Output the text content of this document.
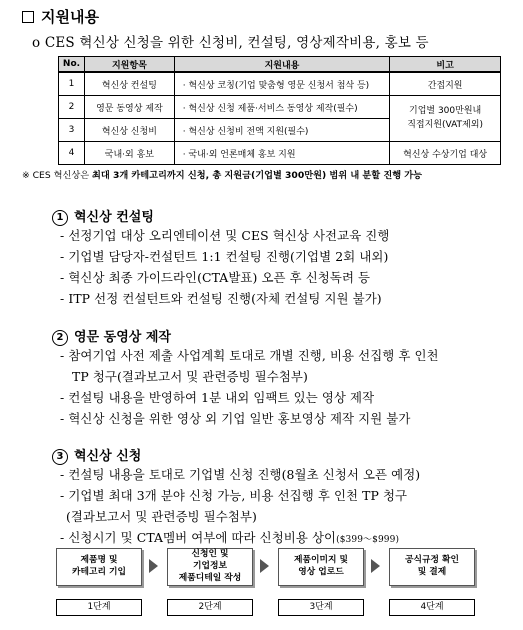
지원내용
o CES 혁신상 신청을 위한 신청비, 컨설팅, 영상제작비용, 홍보 등
No.	지원항목	지원내용	비고
1	혁신상 컨설팅	· 혁신상 코칭(기업 맞춤형 영문 신청서 첨삭 등)	간접지원
2	영문 동영상 제작	· 혁신상 신청 제품·서비스 동영상 제작(필수)	기업별 300만원내
직접지원(VAT제외)
3	혁신상 신청비	· 혁신상 신청비 전액 지원(필수)	
4	국내·외 홍보	· 국내·외 언론매체 홍보 지원	혁신상 수상기업 대상
※ CES 혁신상은 최대 3개 카테고리까지 신청, 총 지원금(기업별 300만원) 범위 내 분할 진행 가능
1 혁신상 컨설팅
- 선정기업 대상 오리엔테이션 및 CES 혁신상 사전교육 진행
- 기업별 담당자-컨설턴트 1:1 컨설팅 진행(기업별 2회 내외)
- 혁신상 최종 가이드라인(CTA발표) 오픈 후 신청독려 등
- ITP 선정 컨설턴트와 컨설팅 진행(자체 컨설팅 지원 불가)
2 영문 동영상 제작
- 참여기업 사전 제출 사업계획 토대로 개별 진행, 비용 선집행 후 인천
TP 청구(결과보고서 및 관련증빙 필수첨부)
- 컨설팅 내용을 반영하여 1분 내외 임팩트 있는 영상 제작
- 혁신상 신청을 위한 영상 외 기업 일반 홍보영상 제작 지원 불가
3 혁신상 신청
- 컨설팅 내용을 토대로 기업별 신청 진행(8월초 신청서 오픈 예정)
- 기업별 최대 3개 분야 신청 가능, 비용 선집행 후 인천 TP 청구
(결과보고서 및 관련증빙 필수첨부)
- 신청시기 및 CTA멤버 여부에 따라 신청비용 상이($399～$999)
제품명 및
카테고리 기입
신청인 및
기업정보
제품디테일 작성
제품이미지 및
영상 업로드
공식규정 확인
및 결제
1단계	2단계	3단계	4단계
